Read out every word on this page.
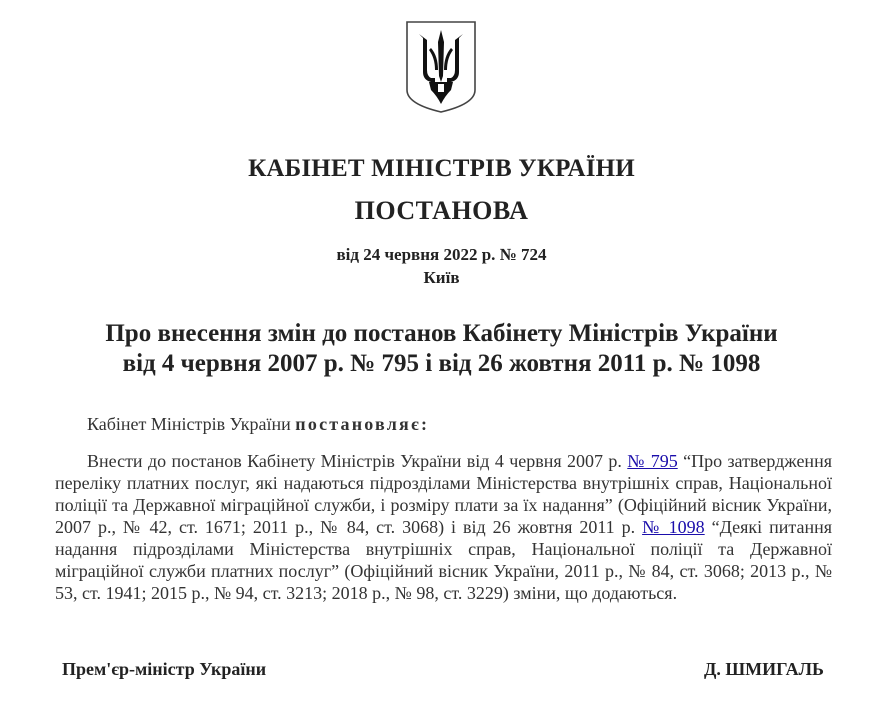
КАБІНЕТ МІНІСТРІВ УКРАЇНИ
ПОСТАНОВА
від 24 червня 2022 р. № 724
Київ
Про внесення змін до постанов Кабінету Міністрів України
від 4 червня 2007 р. № 795 і від 26 жовтня 2011 р. № 1098
Кабінет Міністрів України постановляє:
Внести до постанов Кабінету Міністрів України від 4 червня 2007 р. № 795 “Про затвердження переліку платних послуг, які надаються підрозділами Міністерства внутрішніх справ, Національної поліції та Державної міграційної служби, і розміру плати за їх надання” (Офіційний вісник України, 2007 р., № 42, ст. 1671; 2011 р., № 84, ст. 3068) і від 26 жовтня 2011 р. № 1098 “Деякі питання надання підрозділами Міністерства внутрішніх справ, Національної поліції та Державної міграційної служби платних послуг” (Офіційний вісник України, 2011 р., № 84, ст. 3068; 2013 р., № 53, ст. 1941; 2015 р., № 94, ст. 3213; 2018 р., № 98, ст. 3229) зміни, що додаються.
Прем'єр-міністр України	Д. ШМИГАЛЬ
